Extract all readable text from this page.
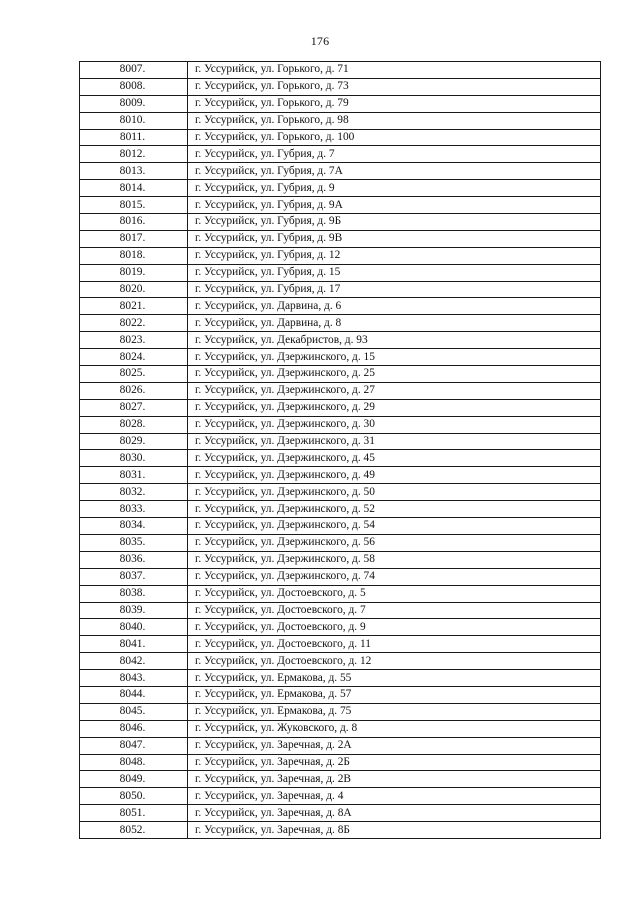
176
8007.	г. Уссурийск, ул. Горького, д. 71
8008.	г. Уссурийск, ул. Горького, д. 73
8009.	г. Уссурийск, ул. Горького, д. 79
8010.	г. Уссурийск, ул. Горького, д. 98
8011.	г. Уссурийск, ул. Горького, д. 100
8012.	г. Уссурийск, ул. Губрия, д. 7
8013.	г. Уссурийск, ул. Губрия, д. 7А
8014.	г. Уссурийск, ул. Губрия, д. 9
8015.	г. Уссурийск, ул. Губрия, д. 9А
8016.	г. Уссурийск, ул. Губрия, д. 9Б
8017.	г. Уссурийск, ул. Губрия, д. 9В
8018.	г. Уссурийск, ул. Губрия, д. 12
8019.	г. Уссурийск, ул. Губрия, д. 15
8020.	г. Уссурийск, ул. Губрия, д. 17
8021.	г. Уссурийск, ул. Дарвина, д. 6
8022.	г. Уссурийск, ул. Дарвина, д. 8
8023.	г. Уссурийск, ул. Декабристов, д. 93
8024.	г. Уссурийск, ул. Дзержинского, д. 15
8025.	г. Уссурийск, ул. Дзержинского, д. 25
8026.	г. Уссурийск, ул. Дзержинского, д. 27
8027.	г. Уссурийск, ул. Дзержинского, д. 29
8028.	г. Уссурийск, ул. Дзержинского, д. 30
8029.	г. Уссурийск, ул. Дзержинского, д. 31
8030.	г. Уссурийск, ул. Дзержинского, д. 45
8031.	г. Уссурийск, ул. Дзержинского, д. 49
8032.	г. Уссурийск, ул. Дзержинского, д. 50
8033.	г. Уссурийск, ул. Дзержинского, д. 52
8034.	г. Уссурийск, ул. Дзержинского, д. 54
8035.	г. Уссурийск, ул. Дзержинского, д. 56
8036.	г. Уссурийск, ул. Дзержинского, д. 58
8037.	г. Уссурийск, ул. Дзержинского, д. 74
8038.	г. Уссурийск, ул. Достоевского, д. 5
8039.	г. Уссурийск, ул. Достоевского, д. 7
8040.	г. Уссурийск, ул. Достоевского, д. 9
8041.	г. Уссурийск, ул. Достоевского, д. 11
8042.	г. Уссурийск, ул. Достоевского, д. 12
8043.	г. Уссурийск, ул. Ермакова, д. 55
8044.	г. Уссурийск, ул. Ермакова, д. 57
8045.	г. Уссурийск, ул. Ермакова, д. 75
8046.	г. Уссурийск, ул. Жуковского, д. 8
8047.	г. Уссурийск, ул. Заречная, д. 2А
8048.	г. Уссурийск, ул. Заречная, д. 2Б
8049.	г. Уссурийск, ул. Заречная, д. 2В
8050.	г. Уссурийск, ул. Заречная, д. 4
8051.	г. Уссурийск, ул. Заречная, д. 8А
8052.	г. Уссурийск, ул. Заречная, д. 8Б
